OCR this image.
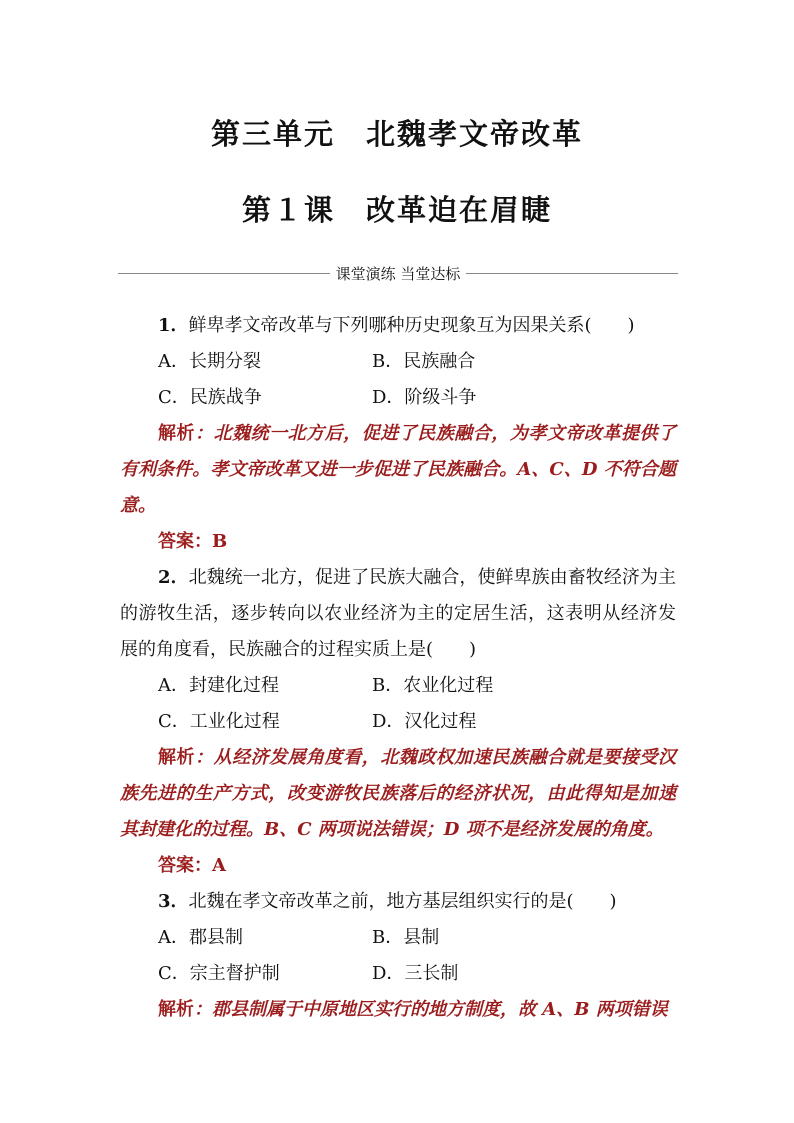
第三单元　北魏孝文帝改革
第１课　改革迫在眉睫
课堂演练 当堂达标

1．鲜卑孝文帝改革与下列哪种历史现象互为因果关系(　　)

A．长期分裂	B．民族融合
C．民族战争	D．阶级斗争

解析：北魏统一北方后，促进了民族融合，为孝文帝改革提供了有利条件。孝文帝改革又进一步促进了民族融合。A、C、D 不符合题意。

答案：B

2．北魏统一北方，促进了民族大融合，使鲜卑族由畜牧经济为主的游牧生活，逐步转向以农业经济为主的定居生活，这表明从经济发展的角度看，民族融合的过程实质上是(　　)

A．封建化过程	B．农业化过程
C．工业化过程	D．汉化过程

解析：从经济发展角度看，北魏政权加速民族融合就是要接受汉族先进的生产方式，改变游牧民族落后的经济状况，由此得知是加速其封建化的过程。B、C 两项说法错误；D 项不是经济发展的角度。

答案：A

3．北魏在孝文帝改革之前，地方基层组织实行的是(　　)

A．郡县制	B．县制
C．宗主督护制	D．三长制

解析：郡县制属于中原地区实行的地方制度，故 A、B 两项错误
